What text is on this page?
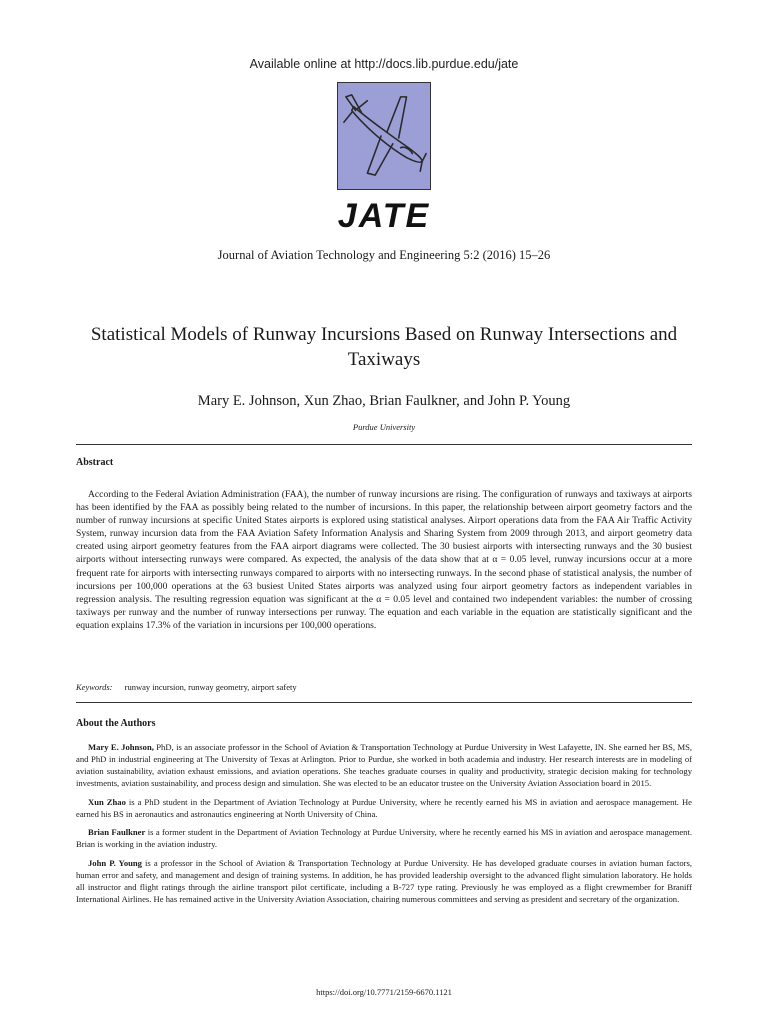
Available online at http://docs.lib.purdue.edu/jate
JATE
Journal of Aviation Technology and Engineering 5:2 (2016) 15–26
Statistical Models of Runway Incursions Based on Runway Intersections and Taxiways
Mary E. Johnson, Xun Zhao, Brian Faulkner, and John P. Young
Purdue University
Abstract

According to the Federal Aviation Administration (FAA), the number of runway incursions are rising. The configuration of runways and taxiways at airports has been identified by the FAA as possibly being related to the number of incursions. In this paper, the relationship between airport geometry factors and the number of runway incursions at specific United States airports is explored using statistical analyses. Airport operations data from the FAA Air Traffic Activity System, runway incursion data from the FAA Aviation Safety Information Analysis and Sharing System from 2009 through 2013, and airport geometry data created using airport geometry features from the FAA airport diagrams were collected. The 30 busiest airports with intersecting runways and the 30 busiest airports without intersecting runways were compared. As expected, the analysis of the data show that at α = 0.05 level, runway incursions occur at a more frequent rate for airports with intersecting runways compared to airports with no intersecting runways. In the second phase of statistical analysis, the number of incursions per 100,000 operations at the 63 busiest United States airports was analyzed using four airport geometry factors as independent variables in regression analysis. The resulting regression equation was significant at the α = 0.05 level and contained two independent variables: the number of crossing taxiways per runway and the number of runway intersections per runway. The equation and each variable in the equation are statistically significant and the equation explains 17.3% of the variation in incursions per 100,000 operations.

Keywords: runway incursion, runway geometry, airport safety
About the Authors

Mary E. Johnson, PhD, is an associate professor in the School of Aviation & Transportation Technology at Purdue University in West Lafayette, IN. She earned her BS, MS, and PhD in industrial engineering at The University of Texas at Arlington. Prior to Purdue, she worked in both academia and industry. Her research interests are in modeling of aviation sustainability, aviation exhaust emissions, and aviation operations. She teaches graduate courses in quality and productivity, strategic decision making for technology investments, aviation sustainability, and process design and simulation. She was elected to be an educator trustee on the University Aviation Association board in 2015.

Xun Zhao is a PhD student in the Department of Aviation Technology at Purdue University, where he recently earned his MS in aviation and aerospace management. He earned his BS in aeronautics and astronautics engineering at North University of China.

Brian Faulkner is a former student in the Department of Aviation Technology at Purdue University, where he recently earned his MS in aviation and aerospace management. Brian is working in the aviation industry.

John P. Young is a professor in the School of Aviation & Transportation Technology at Purdue University. He has developed graduate courses in aviation human factors, human error and safety, and management and design of training systems. In addition, he has provided leadership oversight to the advanced flight simulation laboratory. He holds all instructor and flight ratings through the airline transport pilot certificate, including a B-727 type rating. Previously he was employed as a flight crewmember for Braniff International Airlines. He has remained active in the University Aviation Association, chairing numerous committees and serving as president and secretary of the organization.

https://doi.org/10.7771/2159-6670.1121
